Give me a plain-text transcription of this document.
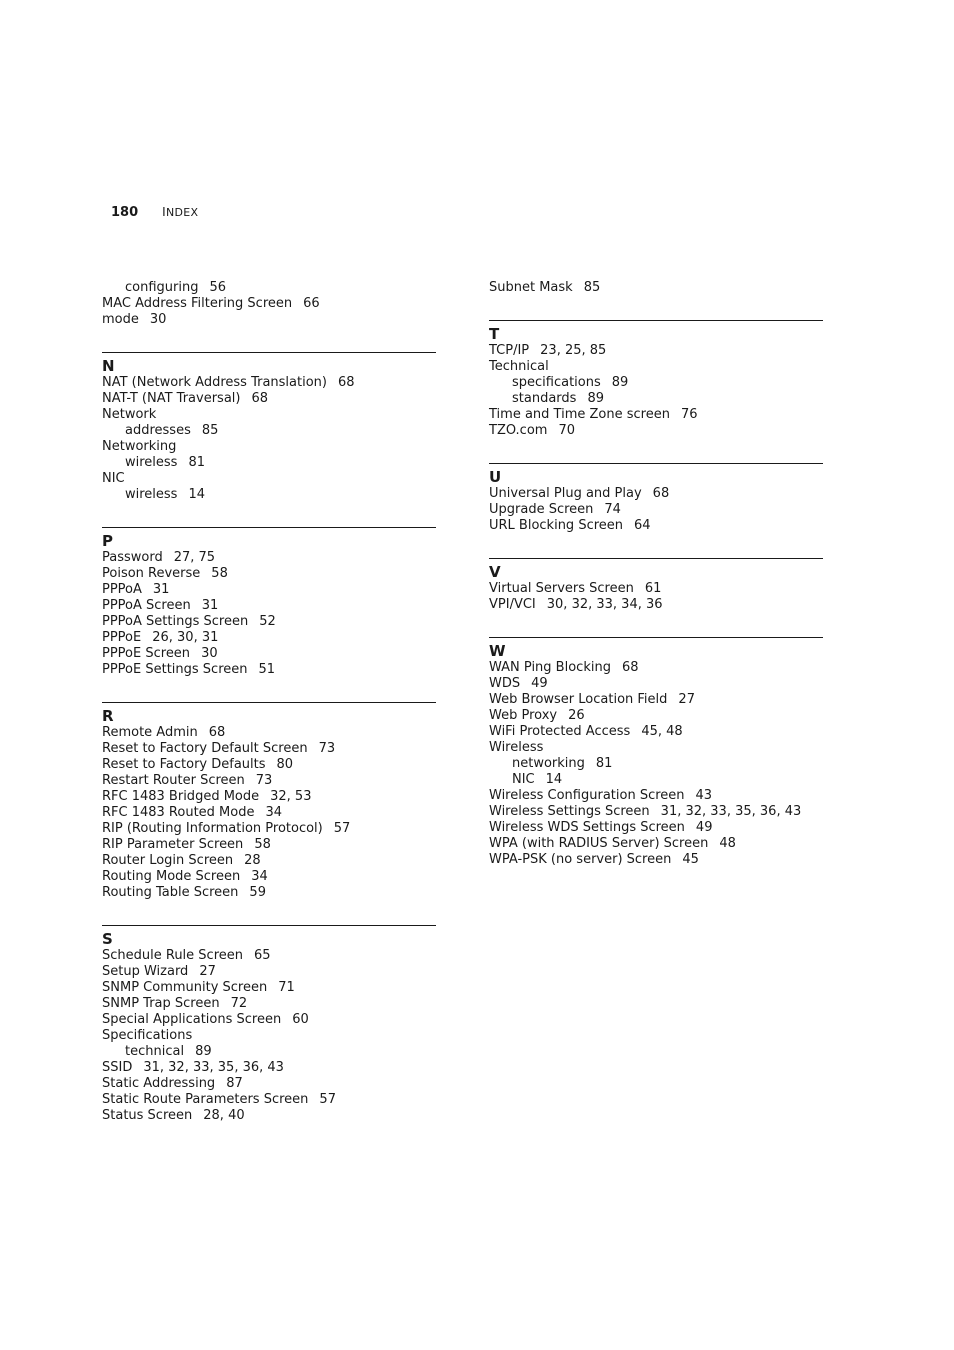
180 INDEX
configuring 56
MAC Address Filtering Screen 66
mode 30
N
NAT (Network Address Translation) 68
NAT-T (NAT Traversal) 68
Network
addresses 85
Networking
wireless 81
NIC
wireless 14
P
Password 27, 75
Poison Reverse 58
PPPoA 31
PPPoA Screen 31
PPPoA Settings Screen 52
PPPoE 26, 30, 31
PPPoE Screen 30
PPPoE Settings Screen 51
R
Remote Admin 68
Reset to Factory Default Screen 73
Reset to Factory Defaults 80
Restart Router Screen 73
RFC 1483 Bridged Mode 32, 53
RFC 1483 Routed Mode 34
RIP (Routing Information Protocol) 57
RIP Parameter Screen 58
Router Login Screen 28
Routing Mode Screen 34
Routing Table Screen 59
S
Schedule Rule Screen 65
Setup Wizard 27
SNMP Community Screen 71
SNMP Trap Screen 72
Special Applications Screen 60
Specifications
technical 89
SSID 31, 32, 33, 35, 36, 43
Static Addressing 87
Static Route Parameters Screen 57
Status Screen 28, 40
Subnet Mask 85
T
TCP/IP 23, 25, 85
Technical
specifications 89
standards 89
Time and Time Zone screen 76
TZO.com 70
U
Universal Plug and Play 68
Upgrade Screen 74
URL Blocking Screen 64
V
Virtual Servers Screen 61
VPI/VCI 30, 32, 33, 34, 36
W
WAN Ping Blocking 68
WDS 49
Web Browser Location Field 27
Web Proxy 26
WiFi Protected Access 45, 48
Wireless
networking 81
NIC 14
Wireless Configuration Screen 43
Wireless Settings Screen 31, 32, 33, 35, 36, 43
Wireless WDS Settings Screen 49
WPA (with RADIUS Server) Screen 48
WPA-PSK (no server) Screen 45
